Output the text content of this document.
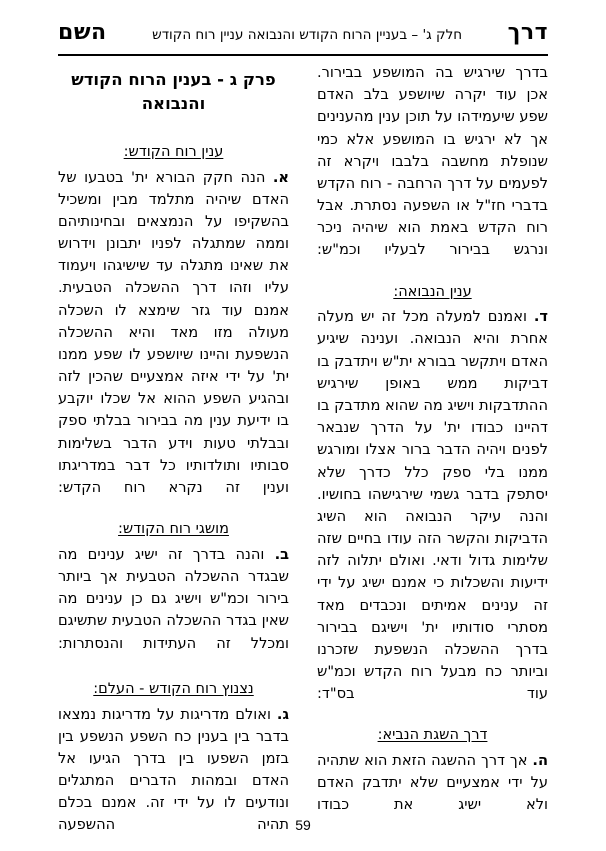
דרך
חלק ג' – בעניין הרוח הקודש והנבואה עניין רוח הקודש
השם

בדרך שירגיש בה המושפע בבירור. אכן עוד יקרה שיושפע בלב האדם שפע שיעמידהו על תוכן ענין מהענינים אך לא ירגיש בו המושפע אלא כמי שנופלת מחשבה בלבבו ויקרא זה לפעמים על דרך הרחבה - רוח הקדש בדברי חז"ל או השפעה נסתרת. אבל רוח הקדש באמת הוא שיהיה ניכר ונרגש בבירור לבעליו וכמ"ש:

ענין הנבואה:

ד. ואמנם למעלה מכל זה יש מעלה אחרת והיא הנבואה. וענינה שיגיע האדם ויתקשר בבורא ית"ש ויתדבק בו דביקות ממש באופן שירגיש ההתדבקות וישיג מה שהוא מתדבק בו דהיינו כבודו ית' על הדרך שנבאר לפנים ויהיה הדבר ברור אצלו ומורגש ממנו בלי ספק כלל כדרך שלא יסתפק בדבר גשמי שירגישהו בחושיו. והנה עיקר הנבואה הוא השיג הדביקות והקשר הזה עודו בחיים שזה שלימות גדול ודאי. ואולם יתלוה לזה ידיעות והשכלות כי אמנם ישיג על ידי זה ענינים אמיתים ונכבדים מאד מסתרי סודותיו ית' וישיגם בבירור בדרך ההשכלה הנשפעת שזכרנו וביותר כח מבעל רוח הקדש וכמ"ש עוד בס"ד:

דרך השגת הנביא:

ה. אך דרך ההשגה הזאת הוא שתהיה על ידי אמצעיים שלא יתדבק האדם ולא ישיג את כבודו

פרק ג - בענין הרוח הקודש והנבואה
ענין רוח הקודש:

א. הנה חקק הבורא ית' בטבעו של האדם שיהיה מתלמד מבין ומשכיל בהשקיפו על הנמצאים ובחינותיהם וממה שמתגלה לפניו יתבונן וידרוש את שאינו מתגלה עד שישיגהו ויעמוד עליו וזהו דרך ההשכלה הטבעית. אמנם עוד גזר שימצא לו השכלה מעולה מזו מאד והיא ההשכלה הנשפעת והיינו שיושפע לו שפע ממנו ית' על ידי איזה אמצעיים שהכין לזה ובהגיע השפע ההוא אל שכלו יוקבע בו ידיעת ענין מה בבירור בבלתי ספק ובבלתי טעות וידע הדבר בשלימות סבותיו ותולדותיו כל דבר במדריגתו וענין זה נקרא רוח הקדש:

מושגי רוח הקודש:

ב. והנה בדרך זה ישיג ענינים מה שבגדר ההשכלה הטבעית אך ביותר בירור וכמ"ש וישיג גם כן ענינים מה שאין בגדר ההשכלה הטבעית שתשיגם ומכלל זה העתידות והנסתרות:

נצנוץ רוח הקודש - העלם:

ג. ואולם מדריגות על מדריגות נמצאו בדבר בין בענין כח השפע הנשפע בין בזמן השפעו בין בדרך הגיעו אל האדם ובמהות הדברים המתגלים ונודעים לו על ידי זה. אמנם בכלם תהיה ההשפעה 59
